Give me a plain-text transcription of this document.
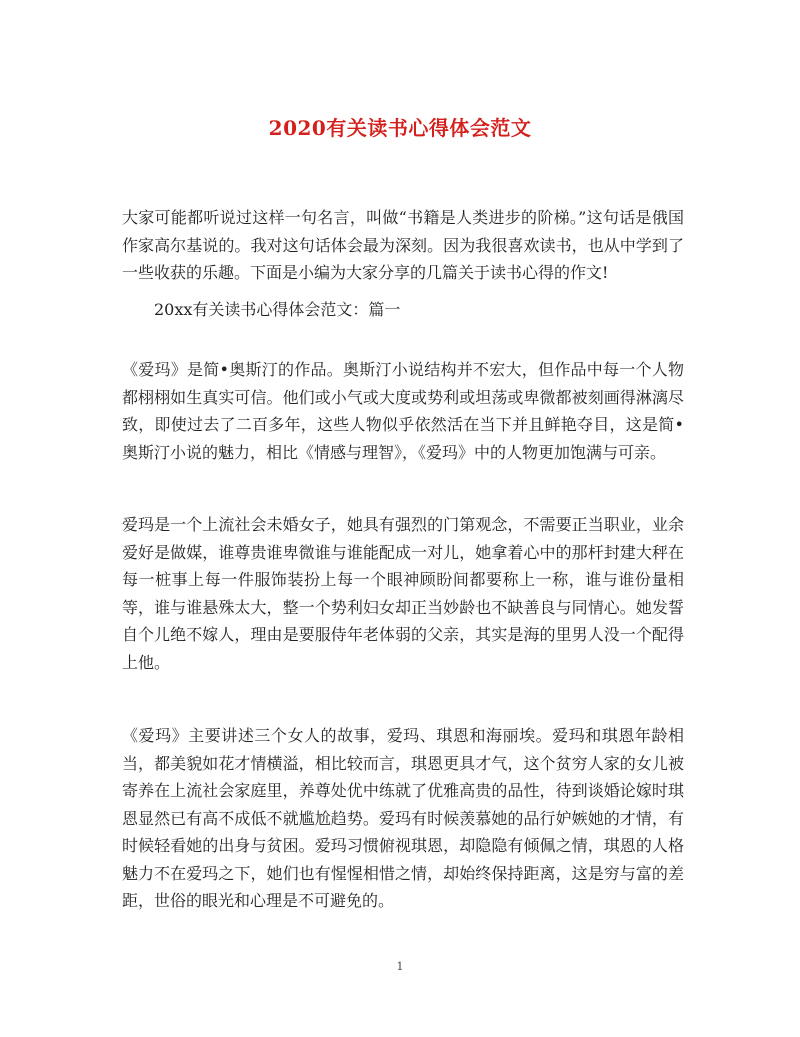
2020有关读书心得体会范文

大家可能都听说过这样一句名言，叫做“书籍是人类进步的阶梯。”这句话是俄国作家高尔基说的。我对这句话体会最为深刻。因为我很喜欢读书，也从中学到了一些收获的乐趣。下面是小编为大家分享的几篇关于读书心得的作文!

20xx有关读书心得体会范文：篇一

《爱玛》是简•奥斯汀的作品。奥斯汀小说结构并不宏大，但作品中每一个人物都栩栩如生真实可信。他们或小气或大度或势利或坦荡或卑微都被刻画得淋漓尽致，即使过去了二百多年，这些人物似乎依然活在当下并且鲜艳夺目，这是简•奥斯汀小说的魅力，相比《情感与理智》，《爱玛》中的人物更加饱满与可亲。

爱玛是一个上流社会未婚女子，她具有强烈的门第观念，不需要正当职业，业余爱好是做媒，谁尊贵谁卑微谁与谁能配成一对儿，她拿着心中的那杆封建大秤在每一桩事上每一件服饰装扮上每一个眼神顾盼间都要称上一称，谁与谁份量相等，谁与谁悬殊太大，整一个势利妇女却正当妙龄也不缺善良与同情心。她发誓自个儿绝不嫁人，理由是要服侍年老体弱的父亲，其实是海的里男人没一个配得上他。

《爱玛》主要讲述三个女人的故事，爱玛、琪恩和海丽埃。爱玛和琪恩年龄相当，都美貌如花才情横溢，相比较而言，琪恩更具才气，这个贫穷人家的女儿被寄养在上流社会家庭里，养尊处优中练就了优雅高贵的品性，待到谈婚论嫁时琪恩显然已有高不成低不就尴尬趋势。爱玛有时候羡慕她的品行妒嫉她的才情，有时候轻看她的出身与贫困。爱玛习惯俯视琪恩，却隐隐有倾佩之情，琪恩的人格魅力不在爱玛之下，她们也有惺惺相惜之情，却始终保持距离，这是穷与富的差距，世俗的眼光和心理是不可避免的。

1
